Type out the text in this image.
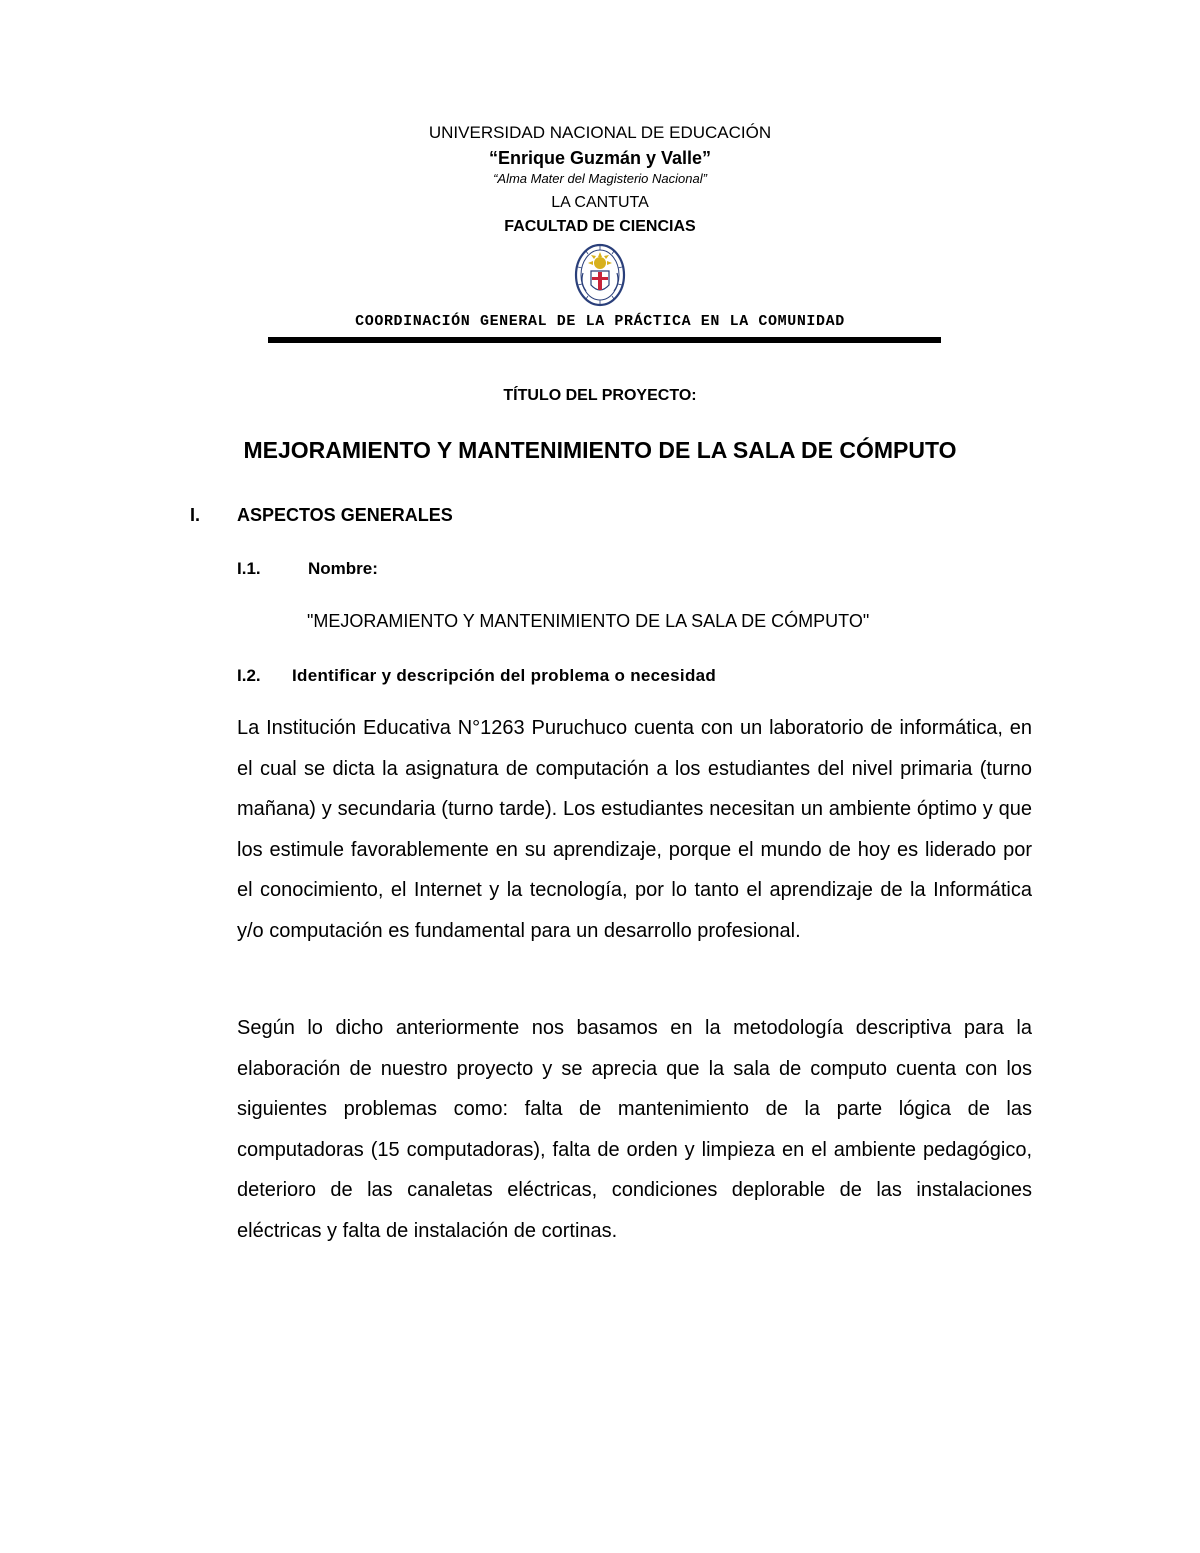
UNIVERSIDAD NACIONAL DE EDUCACIÓN
“Enrique Guzmán y Valle”
“Alma Mater del Magisterio Nacional”
LA CANTUTA
FACULTAD DE CIENCIAS
COORDINACIÓN GENERAL DE LA PRÁCTICA EN LA COMUNIDAD
TÍTULO DEL PROYECTO:
MEJORAMIENTO Y MANTENIMIENTO DE LA SALA DE CÓMPUTO
I. ASPECTOS GENERALES
I.1.	Nombre:
"MEJORAMIENTO Y MANTENIMIENTO DE LA SALA DE CÓMPUTO"
I.2. Identificar y descripción del problema o necesidad

La Institución Educativa N°1263 Puruchuco cuenta con un laboratorio de informática, en el cual se dicta la asignatura de computación a los estudiantes del nivel primaria (turno mañana) y secundaria (turno tarde). Los estudiantes necesitan un ambiente óptimo y que los estimule favorablemente en su aprendizaje, porque el mundo de hoy es liderado por el conocimiento, el Internet y la tecnología, por lo tanto el aprendizaje de la Informática y/o computación es fundamental para un desarrollo profesional.

Según lo dicho anteriormente nos basamos en la metodología descriptiva para la elaboración de nuestro proyecto y se aprecia que la sala de computo cuenta con los siguientes problemas como: falta de mantenimiento de la parte lógica de las computadoras (15 computadoras), falta de orden y limpieza en el ambiente pedagógico, deterioro de las canaletas eléctricas, condiciones deplorable de las instalaciones eléctricas y falta de instalación de cortinas.
